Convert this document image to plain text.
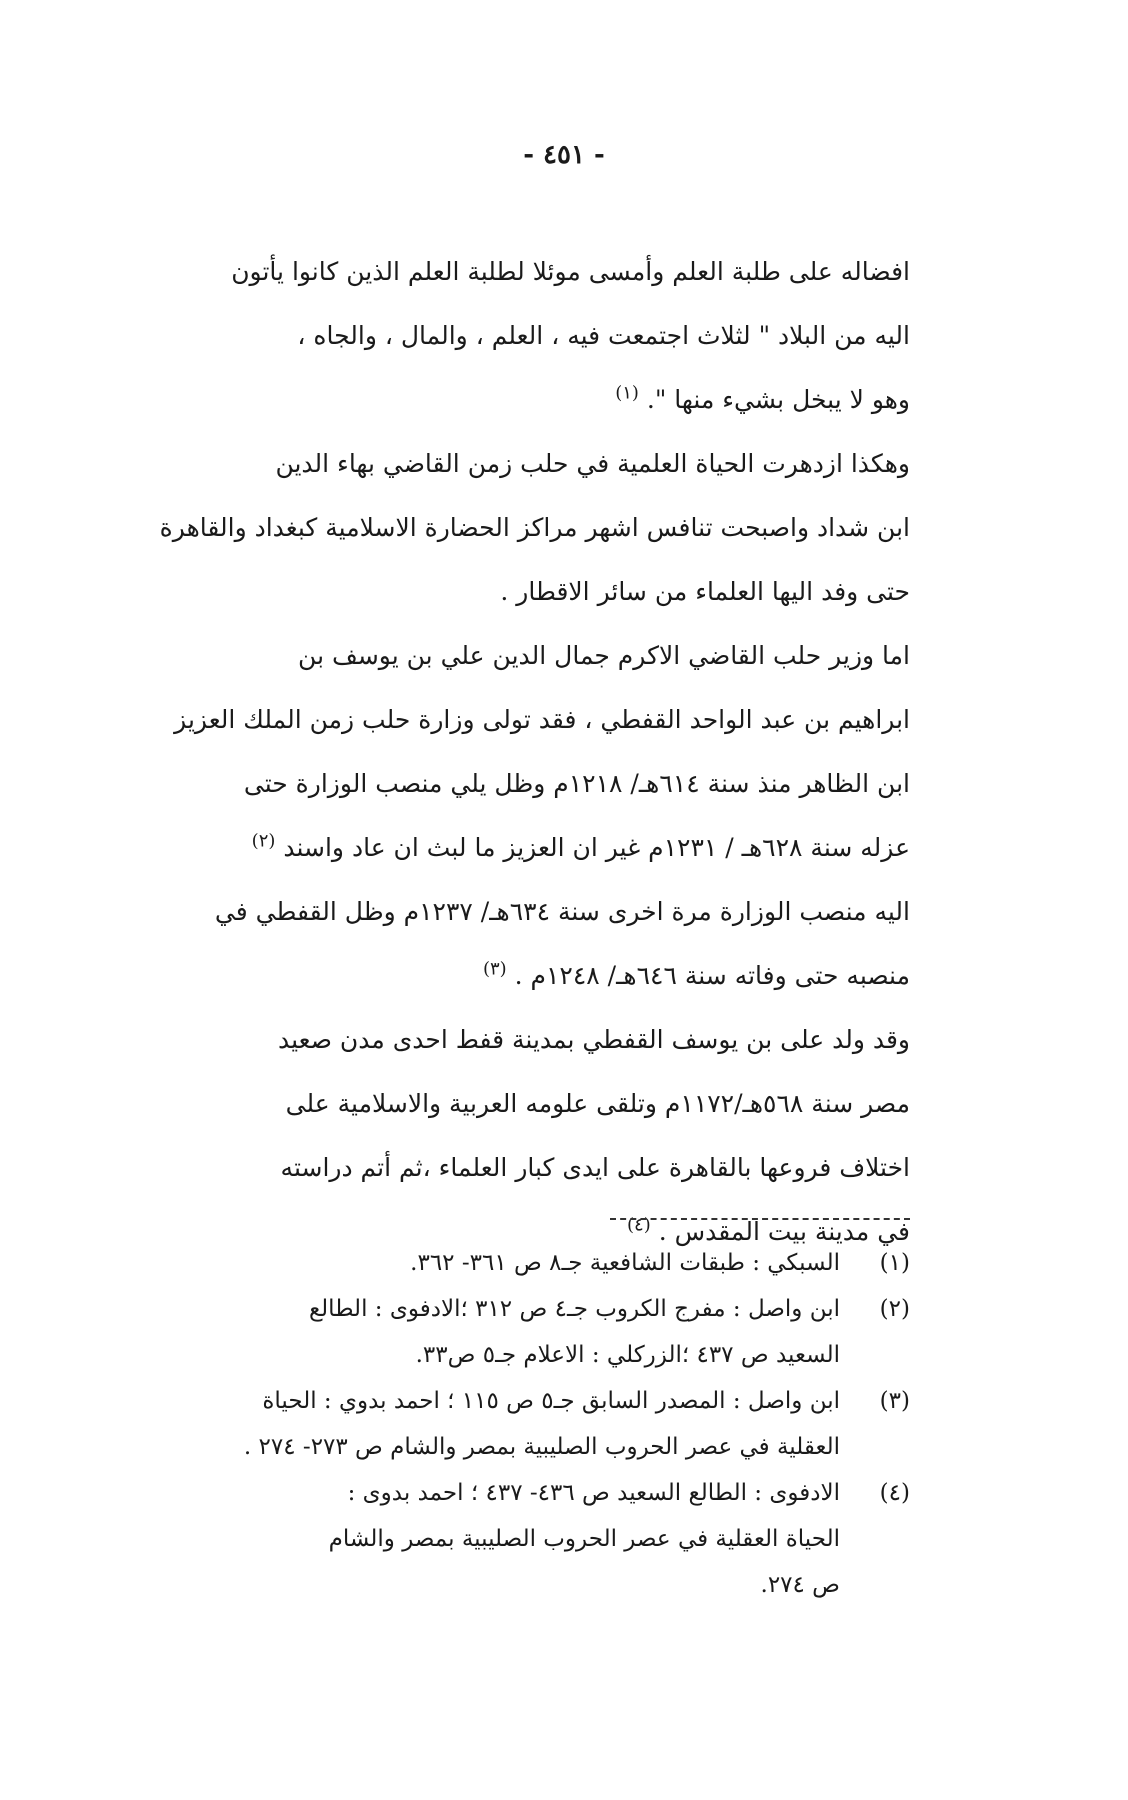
- ٤٥١ -
افضاله على طلبة العلم وأمسى موئلا لطلبة العلم الذين كانوا يأتون
اليه من البلاد " لثلاث اجتمعت فيه ، العلم ، والمال ، والجاه ،
وهو لا يبخل بشيء منها ". $^{(١)}$
وهكذا ازدهرت الحياة العلمية في حلب زمن القاضي بهاء الدين
ابن شداد واصبحت تنافس اشهر مراكز الحضارة الاسلامية كبغداد والقاهرة
حتى وفد اليها العلماء من سائر الاقطار .
اما وزير حلب القاضي الاكرم جمال الدين علي بن يوسف بن
ابراهيم بن عبد الواحد القفطي ، فقد تولى وزارة حلب زمن الملك العزيز
ابن الظاهر منذ سنة ٦١٤هـ/ ١٢١٨م وظل يلي منصب الوزارة حتى
عزله سنة ٦٢٨هـ / ١٢٣١م غير ان العزيز ما لبث ان عاد واسند $^{(٢)}$
اليه منصب الوزارة مرة اخرى سنة ٦٣٤هـ/ ١٢٣٧م وظل القفطي في
منصبه حتى وفاته سنة ٦٤٦هـ/ ١٢٤٨م . $^{(٣)}$
وقد ولد على بن يوسف القفطي بمدينة قفط احدى مدن صعيد
مصر سنة ٥٦٨هـ/١١٧٢م وتلقى علومه العربية والاسلامية على
اختلاف فروعها بالقاهرة على ايدى كبار العلماء ،ثم أتم دراسته
في مدينة بيت المقدس . $^{(٤)}$
(١)
السبكي : طبقات الشافعية جـ٨ ص ٣٦١- ٣٦٢.
(٢)
ابن واصل : مفرج الكروب جـ٤ ص ٣١٢ ؛الادفوى : الطالع
السعيد ص ٤٣٧ ؛الزركلي : الاعلام جـ٥ ص٣٣.
(٣)
ابن واصل : المصدر السابق جـ٥ ص ١١٥ ؛ احمد بدوي : الحياة
العقلية في عصر الحروب الصليبية بمصر والشام ص ٢٧٣- ٢٧٤ .
(٤)
الادفوى : الطالع السعيد ص ٤٣٦- ٤٣٧ ؛ احمد بدوى :
الحياة العقلية في عصر الحروب الصليبية بمصر والشام
ص ٢٧٤.
